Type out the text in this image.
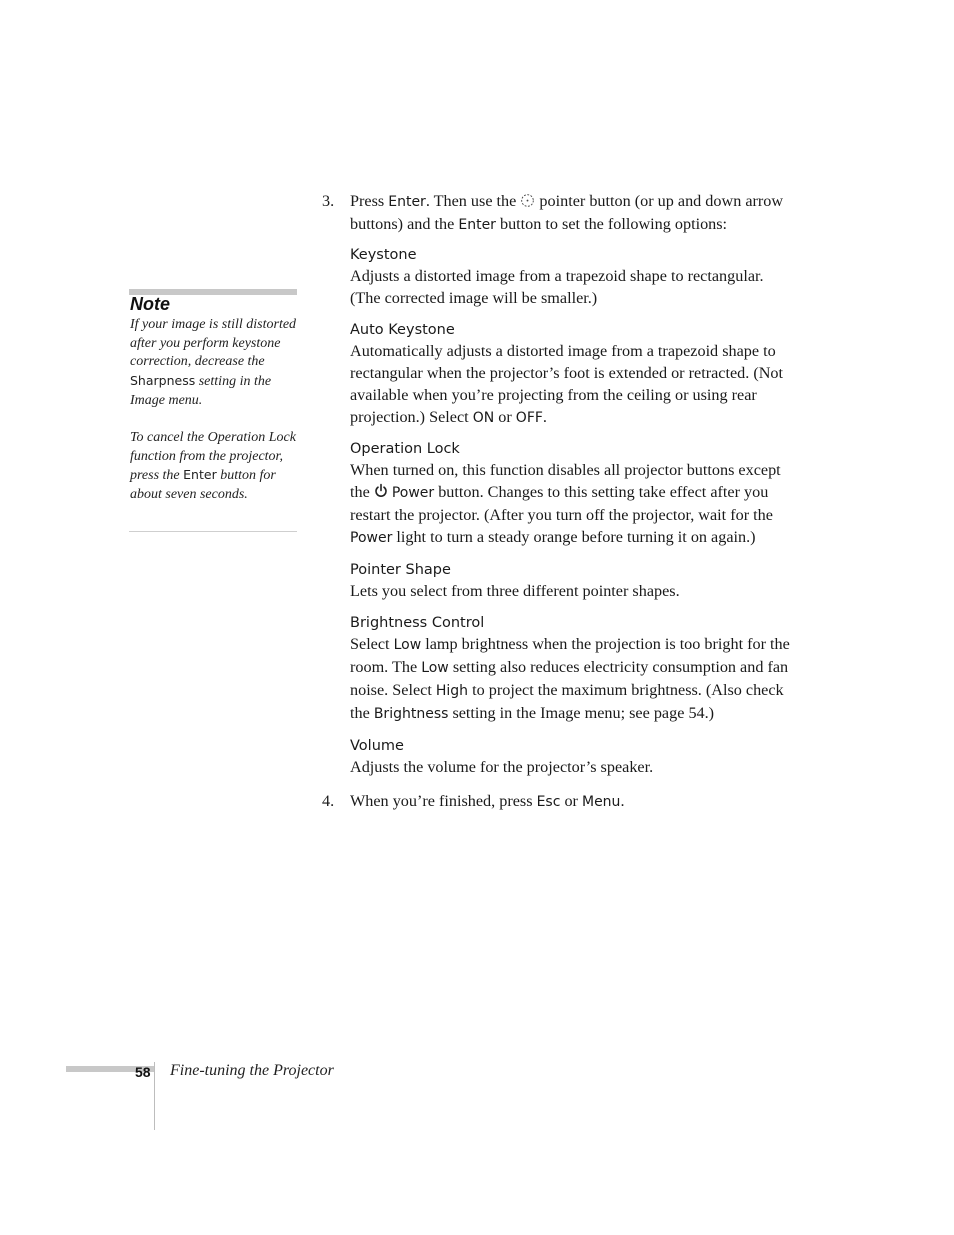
Note

If your image is still distorted after you perform keystone correction, decrease the Sharpness setting in the Image menu.

To cancel the Operation Lock function from the projector, press the Enter button for about seven seconds.

3. Press Enter. Then use the  pointer button (or up and down arrow buttons) and the Enter button to set the following options:
Keystone
Adjusts a distorted image from a trapezoid shape to rectangular. (The corrected image will be smaller.)
Auto Keystone
Automatically adjusts a distorted image from a trapezoid shape to rectangular when the projector’s foot is extended or retracted. (Not available when you’re projecting from the ceiling or using rear projection.) Select ON or OFF.
Operation Lock
When turned on, this function disables all projector buttons except the Power button. Changes to this setting take effect after you restart the projector. (After you turn off the projector, wait for the Power light to turn a steady orange before turning it on again.)
Pointer Shape
Lets you select from three different pointer shapes.
Brightness Control
Select Low lamp brightness when the projection is too bright for the room. The Low setting also reduces electricity consumption and fan noise. Select High to project the maximum brightness. (Also check the Brightness setting in the Image menu; see page 54.)
Volume
Adjusts the volume for the projector’s speaker.
4. When you’re finished, press Esc or Menu.
58 Fine-tuning the Projector
